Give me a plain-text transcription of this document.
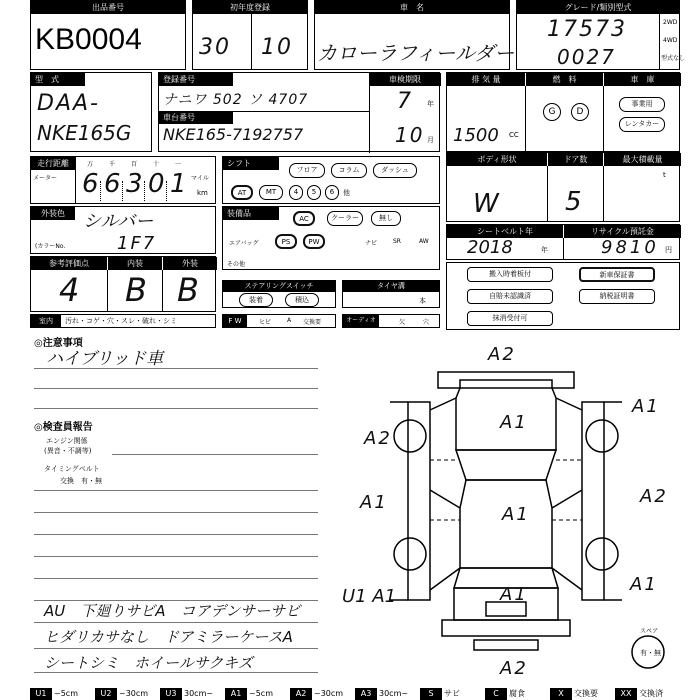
出品番号
KB0004
初年度登録
30 10
車　名
カローラフィールダー
グレード/類別型式
17573
0027
2WD
4WD
型式なし
型　式
DAA-
NKE165G
登録番号
ナニワ 502 ソ 4707
車台番号
NKE165-7192757
車検期限
7 年
10 月
排 気 量	燃　料	車　庫
1500 CC
G	D
事業用
レンタカー
走行距離
メーター	マイル
km
万
6
千
6
百
3
十
0
一
1
シフト
フロア	コラム	ダッシュ
AT	MT	4	5	6	他
ボディ形状	ドア数	最大積載量
W 5
t
外装色	シルバー
(カラーNo.	1F7
装備品
AC	クーラー	無し
エアバッグ	PS	PW	ナビ	SR	AW
その他
シートベルト年	リサイクル預託金
2018	年	9810 円
参考評価点	内装	外装
4 B B	ステアリングスイッチ
装着	積込
タイヤ溝
本
搬入時着板付
自賠未認識済
抹消受付可
新車保証書
納税証明書
室内	汚れ・コゲ・穴・スレ・破れ・シミ	F W	ヒビ	A 交換要	オーディオ	欠	穴
◎注意事項
ハイブリッド車
◎検査員報告
エンジン関係
(異音・不調等)
タイミングベルト
交換　有・無
AU　下廻りサビA　コアデンサーサビ
ヒダリカサなし　ドアミラーケースA
シートシミ　ホイールサクキズ
A2
A1
A2
A1
A2
A1
A1
A1
A1
U1 A1
A2
スペア
有・無
U1 ~5cm	U2 ~30cm	U3 30cm~	A1 ~5cm	A2 ~30cm	A3 30cm~	S	サビ	C	腐食	X	交換要	XX 交換済
